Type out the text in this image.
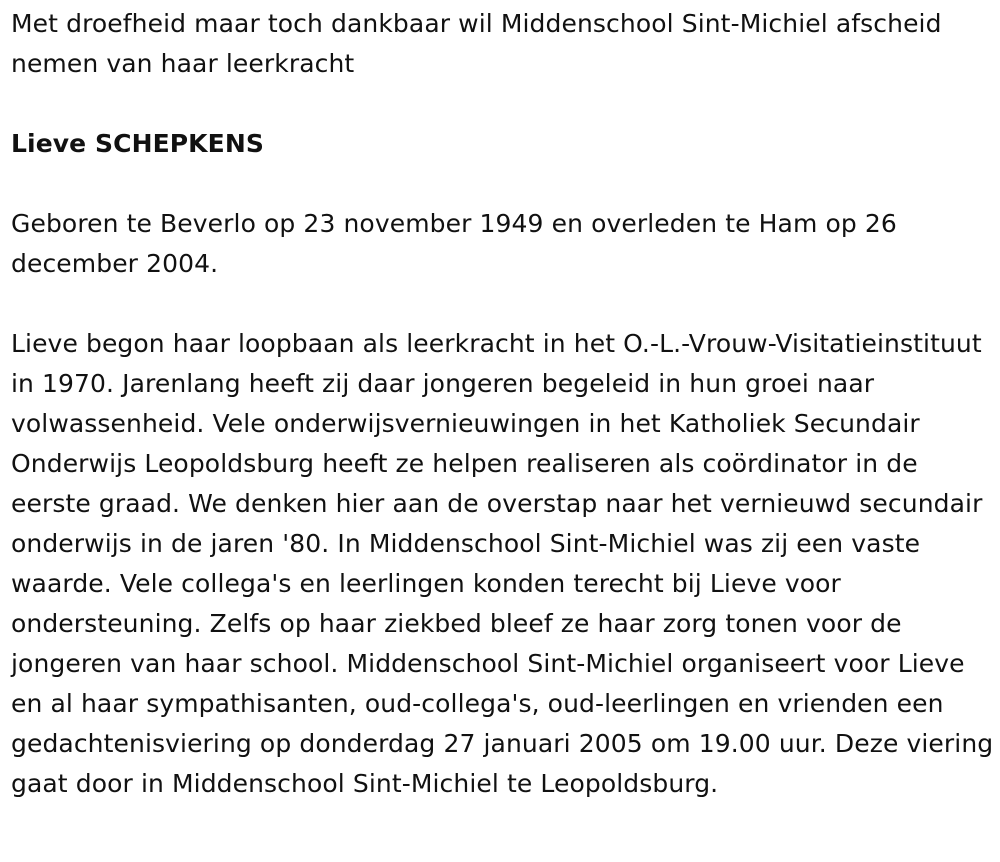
Met droefheid maar toch dankbaar wil Middenschool Sint-Michiel afscheid nemen van haar leerkracht

Lieve SCHEPKENS

Geboren te Beverlo op 23 november 1949 en overleden te Ham op 26 december 2004.

Lieve begon haar loopbaan als leerkracht in het O.-L.-Vrouw-Visitatieinstituut in 1970. Jarenlang heeft zij daar jongeren begeleid in hun groei naar volwassenheid. Vele onderwijsvernieuwingen in het Katholiek Secundair Onderwijs Leopoldsburg heeft ze helpen realiseren als coördinator in de eerste graad. We denken hier aan de overstap naar het vernieuwd secundair onderwijs in de jaren '80. In Middenschool Sint-Michiel was zij een vaste waarde. Vele collega's en leerlingen konden terecht bij Lieve voor ondersteuning. Zelfs op haar ziekbed bleef ze haar zorg tonen voor de jongeren van haar school. Middenschool Sint-Michiel organiseert voor Lieve en al haar sympathisanten, oud-collega's, oud-leerlingen en vrienden een gedachtenisviering op donderdag 27 januari 2005 om 19.00 uur. Deze viering gaat door in Middenschool Sint-Michiel te Leopoldsburg.
